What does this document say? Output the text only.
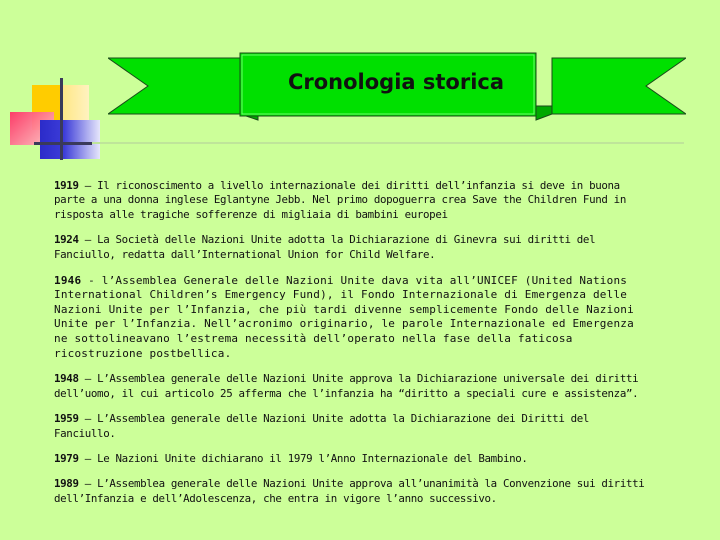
Cronologia storica

1919 – Il riconoscimento a livello internazionale dei diritti dell’infanzia si deve in buona parte a una donna inglese Eglantyne Jebb. Nel primo dopoguerra crea Save the Children Fund in risposta alle tragiche sofferenze di migliaia di bambini europei

1924 – La Società delle Nazioni Unite adotta la Dichiarazione di Ginevra sui diritti del Fanciullo, redatta dall’International Union for Child Welfare.

1946 - l’Assemblea Generale delle Nazioni Unite dava vita all’UNICEF (United Nations International Children’s Emergency Fund), il Fondo Internazionale di Emergenza delle Nazioni Unite per l’Infanzia, che più tardi divenne semplicemente Fondo delle Nazioni Unite per l’Infanzia. Nell’acronimo originario, le parole Internazionale ed Emergenza ne sottolineavano l’estrema necessità dell’operato nella fase della faticosa ricostruzione postbellica.

1948 – L’Assemblea generale delle Nazioni Unite approva la Dichiarazione universale dei diritti dell’uomo, il cui articolo 25 afferma che l’infanzia ha “diritto a speciali cure e assistenza”.

1959 – L’Assemblea generale delle Nazioni Unite adotta la Dichiarazione dei Diritti del Fanciullo.

1979 – Le Nazioni Unite dichiarano il 1979 l’Anno Internazionale del Bambino.

1989 – L’Assemblea generale delle Nazioni Unite approva all’unanimità la Convenzione sui diritti dell’Infanzia e dell’Adolescenza, che entra in vigore l’anno successivo.
